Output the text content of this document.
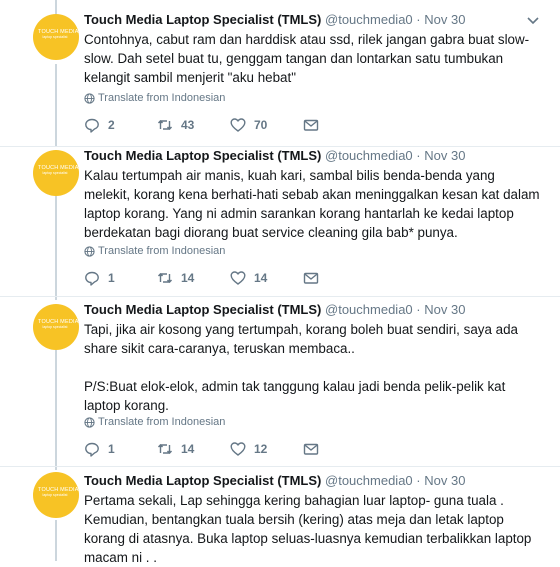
TOUCH MEDIA
laptop specialist
Touch Media Laptop Specialist (TMLS) @touchmedia0 · Nov 30

Contohnya, cabut ram dan harddisk atau ssd, rilek jangan gabra buat slow-slow. Dah setel buat tu, genggam tangan dan lontarkan satu tumbukan kelangit sambil menjerit "aku hebat"

Translate from Indonesian
2	43	70
TOUCH MEDIA
laptop specialist
Touch Media Laptop Specialist (TMLS) @touchmedia0 · Nov 30

Kalau tertumpah air manis, kuah kari, sambal bilis benda-benda yang melekit, korang kena berhati-hati sebab akan meninggalkan kesan kat dalam laptop korang. Yang ni admin sarankan korang hantarlah ke kedai laptop berdekatan bagi diorang buat service cleaning gila bab* punya.

Translate from Indonesian
1	14	14
TOUCH MEDIA
laptop specialist
Touch Media Laptop Specialist (TMLS) @touchmedia0 · Nov 30

Tapi, jika air kosong yang tertumpah, korang boleh buat sendiri, saya ada share sikit cara-caranya, teruskan membaca..

P/S:Buat elok-elok, admin tak tanggung kalau jadi benda pelik-pelik kat laptop korang.

Translate from Indonesian
1	14	12
TOUCH MEDIA
laptop specialist
Touch Media Laptop Specialist (TMLS) @touchmedia0 · Nov 30

Pertama sekali, Lap sehingga kering bahagian luar laptop- guna tuala . Kemudian, bentangkan tuala bersih (kering) atas meja dan letak laptop korang di atasnya. Buka laptop seluas-luasnya kemudian terbalikkan laptop macam ni . .
